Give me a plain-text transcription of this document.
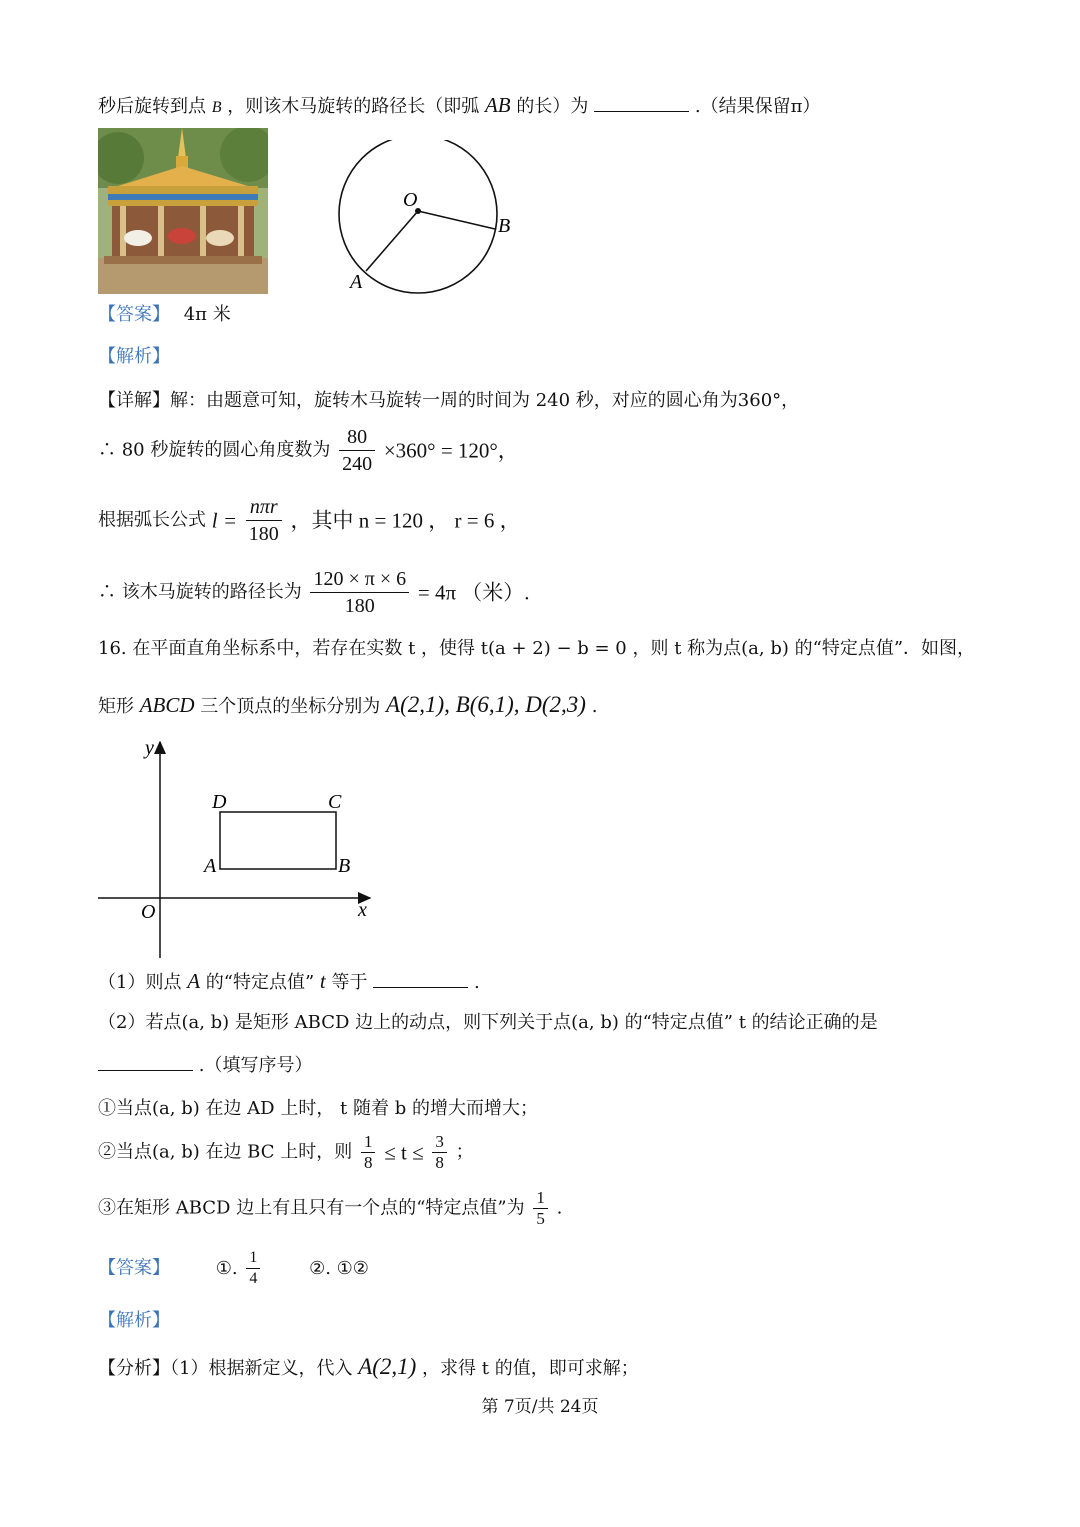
秒后旋转到点 B ，则该木马旋转的路径长（即弧 AB 的长）为	.（结果保留π）
O
B
A
【答案】 4π 米
【解析】
【详解】解：由题意可知，旋转木马旋转一周的时间为 240 秒，对应的圆心角为360°，
∴ 80 秒旋转的圆心角度数为 $\frac{80}{240} \times 360^\circ = 120^\circ$，
根据弧长公式 $l = \frac{\text{nπr}}{180}$ ，其中 n = 120 ， r = 6 ，
∴ 该木马旋转的路径长为 $\frac{120 \times \pi \times 6}{180} = 4\pi$ （米）.
16. 在平面直角坐标系中，若存在实数 t ，使得 t(a + 2) − b = 0 ，则 t 称为点(a, b) 的“特定点值”．如图，
矩形 ABCD 三个顶点的坐标分别为 A(2,1), B(6,1), D(2,3) .
y
x
O
A	B
C
D
（1）则点 A 的“特定点值” t 等于	.
（2）若点(a, b) 是矩形 ABCD 边上的动点，则下列关于点(a, b) 的“特定点值” t 的结论正确的是
.（填写序号）
①当点(a, b) 在边 AD 上时， t 随着 b 的增大而增大；
②当点(a, b) 在边 BC 上时，则 $\frac{1}{8} \le t \le \frac{3}{8}$ ；
③在矩形 ABCD 边上有且只有一个点的“特定点值”为 $\frac{1}{5}$ .
【答案】	①. $\frac{1}{4}$	②. ①②
【解析】
【分析】（1）根据新定义，代入 A(2,1) ，求得 t 的值，即可求解；
第 7页/共 24页
